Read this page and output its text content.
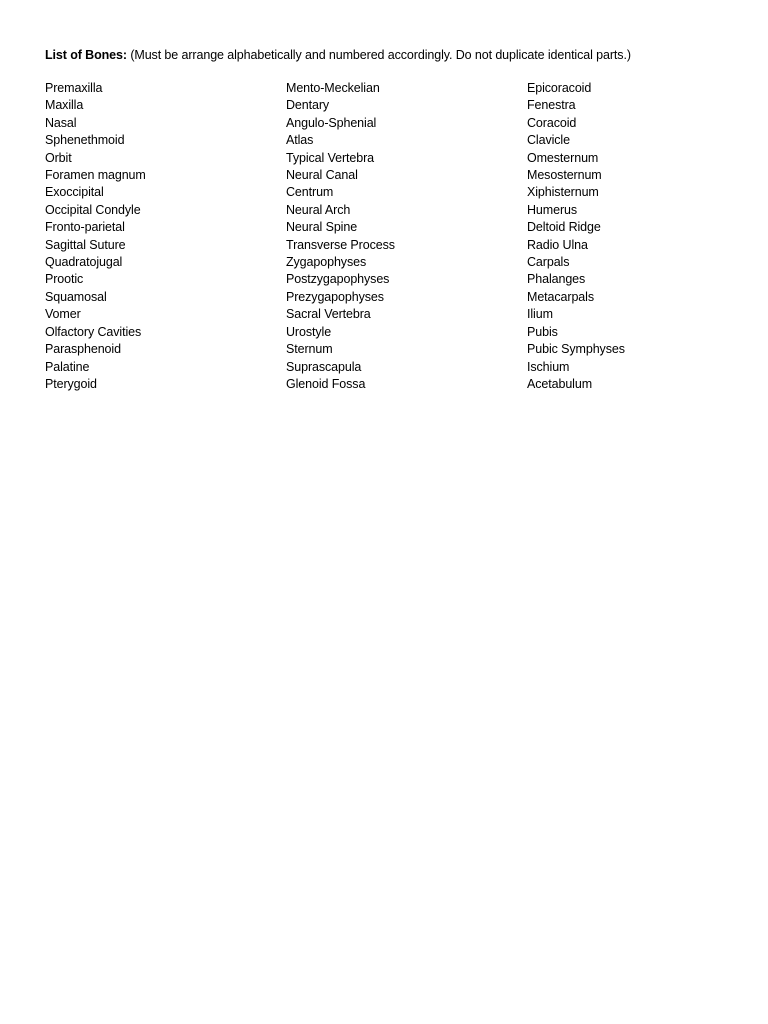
List of Bones: (Must be arrange alphabetically and numbered accordingly. Do not duplicate identical parts.)
Premaxilla
Maxilla
Nasal
Sphenethmoid
Orbit
Foramen magnum
Exoccipital
Occipital Condyle
Fronto-parietal
Sagittal Suture
Quadratojugal
Prootic
Squamosal
Vomer
Olfactory Cavities
Parasphenoid
Palatine
Pterygoid
Mento-Meckelian
Dentary
Angulo-Sphenial
Atlas
Typical Vertebra
Neural Canal
Centrum
Neural Arch
Neural Spine
Transverse Process
Zygapophyses
Postzygapophyses
Prezygapophyses
Sacral Vertebra
Urostyle
Sternum
Suprascapula
Glenoid Fossa
Epicoracoid
Fenestra
Coracoid
Clavicle
Omesternum
Mesosternum
Xiphisternum
Humerus
Deltoid Ridge
Radio Ulna
Carpals
Phalanges
Metacarpals
Ilium
Pubis
Pubic Symphyses
Ischium
Acetabulum
